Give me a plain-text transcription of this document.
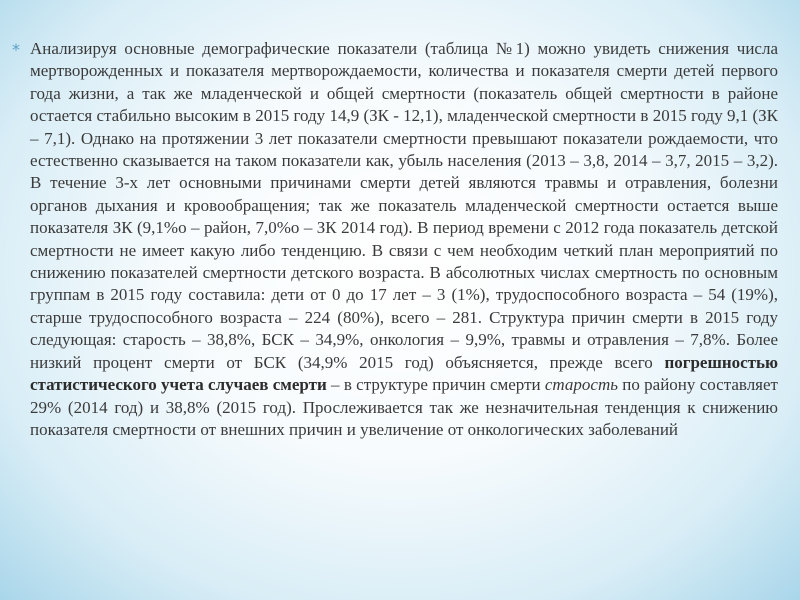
* Анализируя основные демографические показатели (таблица №1) можно увидеть снижения числа мертворожденных и показателя мертворождаемости, количества и показателя смерти детей первого года жизни, а так же младенческой и общей смертности (показатель общей смертности в районе остается стабильно высоким в 2015 году 14,9 (ЗК - 12,1), младенческой смертности в 2015 году 9,1 (ЗК – 7,1). Однако на протяжении 3 лет показатели смертности превышают показатели рождаемости, что естественно сказывается на таком показатели как, убыль населения (2013 – 3,8, 2014 – 3,7, 2015 – 3,2). В течение 3-х лет основными причинами смерти детей являются травмы и отравления, болезни органов дыхания и кровообращения; так же показатель младенческой смертности остается выше показателя ЗК (9,1%о – район, 7,0%о – ЗК 2014 год). В период времени с 2012 года показатель детской смертности не имеет какую либо тенденцию. В связи с чем необходим четкий план мероприятий по снижению показателей смертности детского возраста. В абсолютных числах смертность по основным группам в 2015 году составила: дети от 0 до 17 лет – 3 (1%), трудоспособного возраста – 54 (19%), старше трудоспособного возраста – 224 (80%), всего – 281. Структура причин смерти в 2015 году следующая: старость – 38,8%, БСК – 34,9%, онкология – 9,9%, травмы и отравления – 7,8%. Более низкий процент смерти от БСК (34,9% 2015 год) объясняется, прежде всего погрешностью статистического учета случаев смерти – в структуре причин смерти старость по району составляет 29% (2014 год) и 38,8% (2015 год). Прослеживается так же незначительная тенденция к снижению показателя смертности от внешних причин и увеличение от онкологических заболеваний
